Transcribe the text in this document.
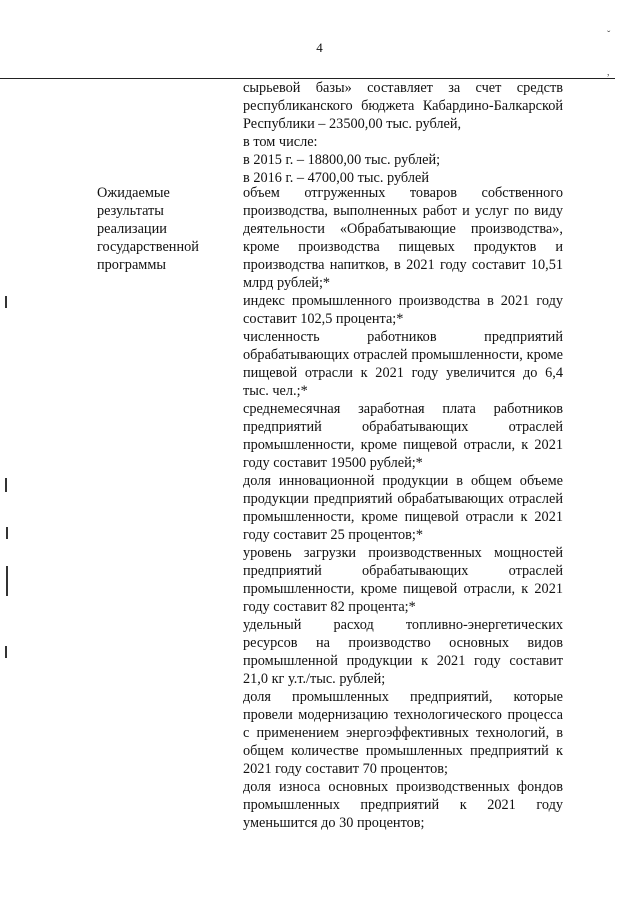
4
ˇ
,
сырьевой базы» составляет за счет средств республиканского бюджета Кабардино-Балкарской Республики – 23500,00 тыс. рублей,
в том числе:
в 2015 г. – 18800,00 тыс. рублей;
в 2016 г. – 4700,00 тыс. рублей
Ожидаемые
результаты
реализации
государственной
программы
объем отгруженных товаров собственного производства, выполненных работ и услуг по виду деятельности «Обрабатывающие производства», кроме производства пищевых продуктов и производства напитков, в 2021 году составит 10,51 млрд рублей;*
индекс промышленного производства в 2021 году составит 102,5 процента;*
численность работников предприятий обрабатывающих отраслей промышленности, кроме пищевой отрасли к 2021 году увеличится до 6,4 тыс. чел.;*
среднемесячная заработная плата работников предприятий обрабатывающих отраслей промышленности, кроме пищевой отрасли, к 2021 году составит 19500 рублей;*
доля инновационной продукции в общем объеме продукции предприятий обрабатывающих отраслей промышленности, кроме пищевой отрасли к 2021 году составит 25 процентов;*
уровень загрузки производственных мощностей предприятий обрабатывающих отраслей промышленности, кроме пищевой отрасли, к 2021 году составит 82 процента;*
удельный расход топливно-энергетических ресурсов на производство основных видов промышленной продукции к 2021 году составит 21,0 кг у.т./тыс. рублей;
доля промышленных предприятий, которые провели модернизацию технологического процесса с применением энергоэффективных технологий, в общем количестве промышленных предприятий к 2021 году составит 70 процентов;
доля износа основных производственных фондов промышленных предприятий к 2021 году уменьшится до 30 процентов;
